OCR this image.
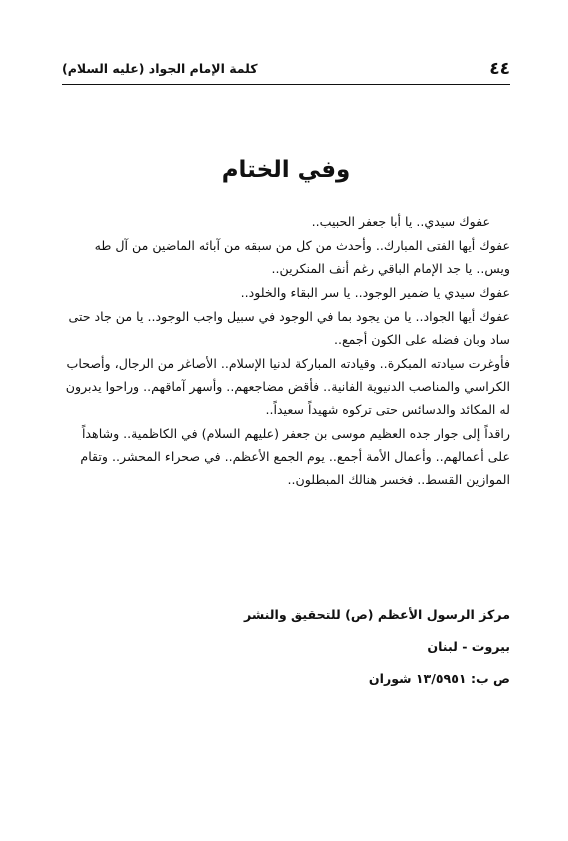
٤٤
كلمة الإمام الجواد (عليه السلام)
وفي الختام

عفوك سيدي.. يا أبا جعفر الحبيب..

عفوك أيها الفتى المبارك.. وأحدث من كل من سبقه من آبائه الماضين من آل طه ويس.. يا جد الإمام الباقي رغم أنف المنكرين..

عفوك سيدي يا ضمير الوجود.. يا سر البقاء والخلود..

عفوك أيها الجواد.. يا من يجود بما في الوجود في سبيل واجب الوجود.. يا من جاد حتى ساد وبان فضله على الكون أجمع..

فأوغرت سيادته المبكرة.. وقيادته المباركة لدنيا الإسلام.. الأصاغر من الرجال، وأصحاب الكراسي والمناصب الدنيوية الفانية.. فأقض مضاجعهم.. وأسهر آماقهم.. وراحوا يدبرون له المكائد والدسائس حتى تركوه شهيداً سعيداً..

راقداً إلى جوار جده العظيم موسى بن جعفر (عليهم السلام) في الكاظمية.. وشاهداً على أعمالهم.. وأعمال الأمة أجمع.. يوم الجمع الأعظم.. في صحراء المحشر.. وتقام الموازين القسط.. فخسر هنالك المبطلون..

مركز الرسول الأعظم (ص) للتحقيق والنشر
بيروت - لبنان
ص ب: ١٣/٥٩٥١ شوران
